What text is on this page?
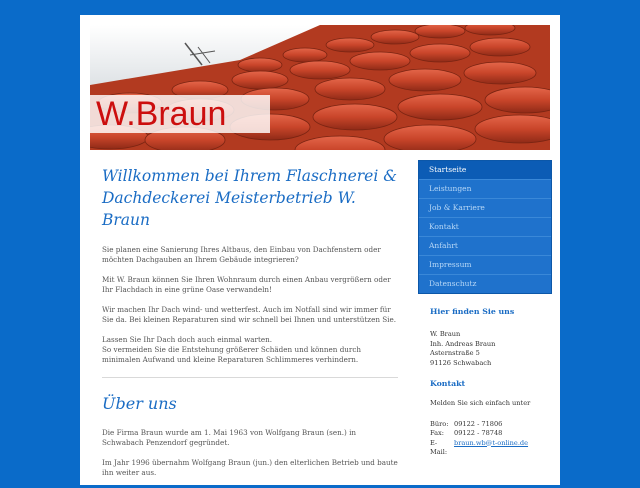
W.Braun
Willkommen bei Ihrem Flaschnerei & Dachdeckerei Meisterbetrieb W. Braun

Sie planen eine Sanierung Ihres Altbaus, den Einbau von Dachfenstern oder möchten Dachgauben an Ihrem Gebäude integrieren?

Mit W. Braun können Sie Ihren Wohnraum durch einen Anbau vergrößern oder Ihr Flachdach in eine grüne Oase verwandeln!

Wir machen Ihr Dach wind- und wetterfest. Auch im Notfall sind wir immer für Sie da. Bei kleinen Reparaturen sind wir schnell bei Ihnen und unterstützen Sie.

Lassen Sie Ihr Dach doch auch einmal warten.

So vermeiden Sie die Entstehung größerer Schäden und können durch minimalen Aufwand und kleine Reparaturen Schlimmeres verhindern.

Über uns

Die Firma Braun wurde am 1. Mai 1963 von Wolfgang Braun (sen.) in Schwabach Penzendorf gegründet.

Im Jahr 1996 übernahm Wolfgang Braun (jun.) den elterlichen Betrieb und baute ihn weiter aus.

Startseite
Leistungen
Job & Karriere
Kontakt
Anfahrt
Impressum
Datenschutz
Hier finden Sie uns
W. Braun
Inh. Andreas Braun
Asternstraße 5
91126 Schwabach
Kontakt
Melden Sie sich einfach unter
Büro: 09122 - 71806
Fax:	09122 - 78748
E-Mail:
braun.wb@t-online.de
